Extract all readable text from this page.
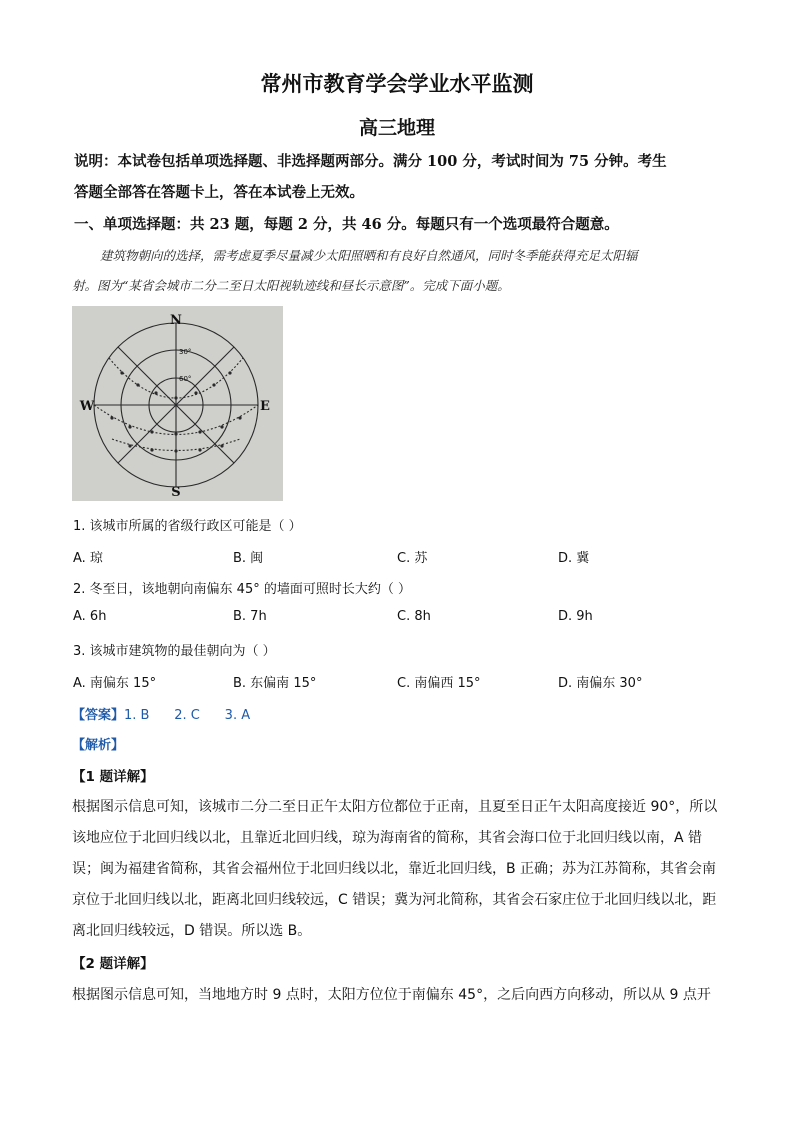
常州市教育学会学业水平监测
高三地理
说明：本试卷包括单项选择题、非选择题两部分。满分 100 分，考试时间为 75 分钟。考生
答题全部答在答题卡上，答在本试卷上无效。
一、单项选择题：共 23 题，每题 2 分，共 46 分。每题只有一个选项最符合题意。
建筑物朝向的选择，需考虑夏季尽量减少太阳照晒和有良好自然通风，同时冬季能获得充足太阳辐
射。图为“某省会城市二分二至日太阳视轨迹线和昼长示意图”。完成下面小题。
N
S
W	E
30°
60°
1. 该城市所属的省级行政区可能是（ ）
A. 琼	B. 闽	C. 苏	D. 冀
2. 冬至日，该地朝向南偏东 45° 的墙面可照时长大约（ ）
A. 6h	B. 7h	C. 8h	D. 9h
3. 该城市建筑物的最佳朝向为（ ）
A. 南偏东 15°	B. 东偏南 15°	C. 南偏西 15°	D. 南偏东 30°
【答案】1. B      2. C      3. A
【解析】
【1 题详解】
根据图示信息可知，该城市二分二至日正午太阳方位都位于正南，且夏至日正午太阳高度接近 90°，所以
该地应位于北回归线以北，且靠近北回归线，琼为海南省的简称，其省会海口位于北回归线以南，A 错
误；闽为福建省简称，其省会福州位于北回归线以北，靠近北回归线，B 正确；苏为江苏简称，其省会南
京位于北回归线以北，距离北回归线较远，C 错误；冀为河北简称，其省会石家庄位于北回归线以北，距
离北回归线较远，D 错误。所以选 B。
【2 题详解】
根据图示信息可知，当地地方时 9 点时，太阳方位位于南偏东 45°，之后向西方向移动，所以从 9 点开
